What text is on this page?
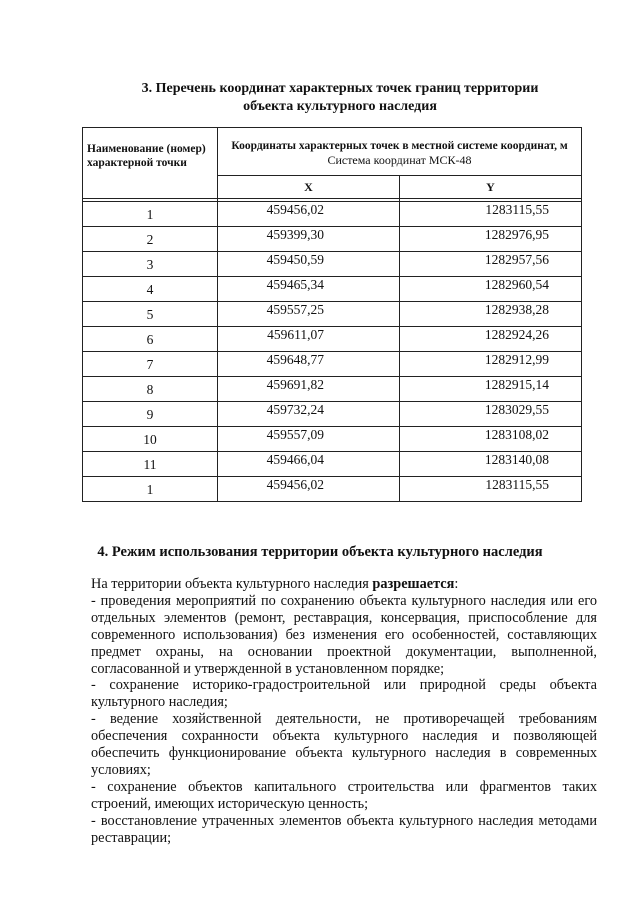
3. Перечень координат характерных точек границ территории
объекта культурного наследия
Наименование (номер) характерной точки	Координаты характерных точек в местной системе координат, м
Система координат МСК-48	

	X	Y

1	459456,02	1283115,55
2	459399,30	1282976,95
3	459450,59	1282957,56
4	459465,34	1282960,54
5	459557,25	1282938,28
6	459611,07	1282924,26
7	459648,77	1282912,99
8	459691,82	1282915,14
9	459732,24	1283029,55
10	459557,09	1283108,02
11	459466,04	1283140,08
1	459456,02	1283115,55
4. Режим использования территории объекта культурного наследия

На территории объекта культурного наследия разрешается:

- проведения мероприятий по сохранению объекта культурного наследия или его отдельных элементов (ремонт, реставрация, консервация, приспособление для современного использования) без изменения его особенностей, составляющих предмет охраны, на основании проектной документации, выполненной, согласованной и утвержденной в установленном порядке;

- сохранение историко-градостроительной или природной среды объекта культурного наследия;

- ведение хозяйственной деятельности, не противоречащей требованиям обеспечения сохранности объекта культурного наследия и позволяющей обеспечить функционирование объекта культурного наследия в современных условиях;

- сохранение объектов капитального строительства или фрагментов таких строений, имеющих историческую ценность;

- восстановление утраченных элементов объекта культурного наследия методами реставрации;
